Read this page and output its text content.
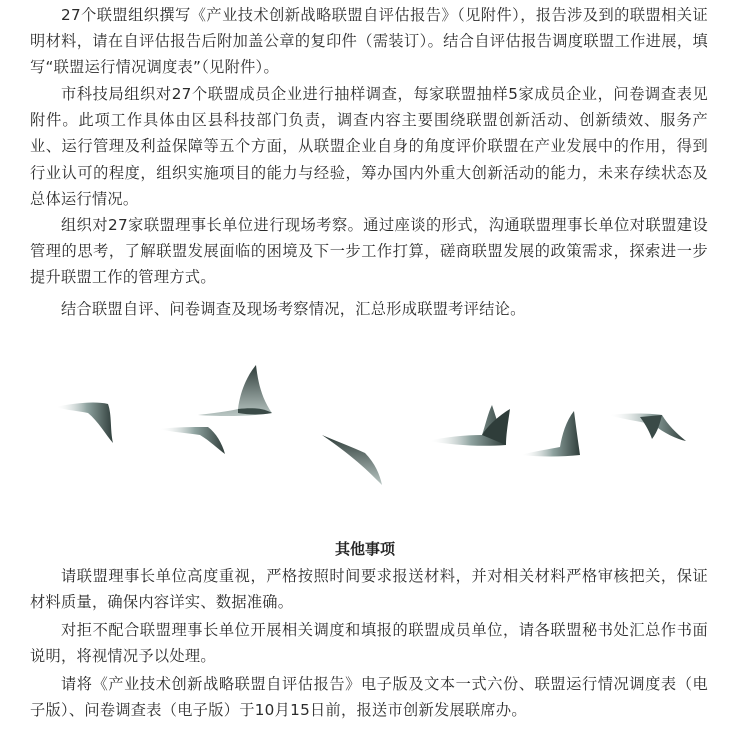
27个联盟组织撰写《产业技术创新战略联盟自评估报告》（见附件），报告涉及到的联盟相关证明材料，请在自评估报告后附加盖公章的复印件（需装订）。结合自评估报告调度联盟工作进展，填写“联盟运行情况调度表”（见附件）。

市科技局组织对27个联盟成员企业进行抽样调查，每家联盟抽样5家成员企业，问卷调查表见附件。此项工作具体由区县科技部门负责，调查内容主要围绕联盟创新活动、创新绩效、服务产业、运行管理及利益保障等五个方面，从联盟企业自身的角度评价联盟在产业发展中的作用，得到行业认可的程度，组织实施项目的能力与经验，筹办国内外重大创新活动的能力，未来存续状态及总体运行情况。

组织对27家联盟理事长单位进行现场考察。通过座谈的形式，沟通联盟理事长单位对联盟建设管理的思考，了解联盟发展面临的困境及下一步工作打算，磋商联盟发展的政策需求，探索进一步提升联盟工作的管理方式。

结合联盟自评、问卷调查及现场考察情况，汇总形成联盟考评结论。

其他事项

请联盟理事长单位高度重视，严格按照时间要求报送材料，并对相关材料严格审核把关，保证材料质量，确保内容详实、数据准确。

对拒不配合联盟理事长单位开展相关调度和填报的联盟成员单位，请各联盟秘书处汇总作书面说明，将视情况予以处理。

请将《产业技术创新战略联盟自评估报告》电子版及文本一式六份、联盟运行情况调度表（电子版）、问卷调查表（电子版）于10月15日前，报送市创新发展联席办。
